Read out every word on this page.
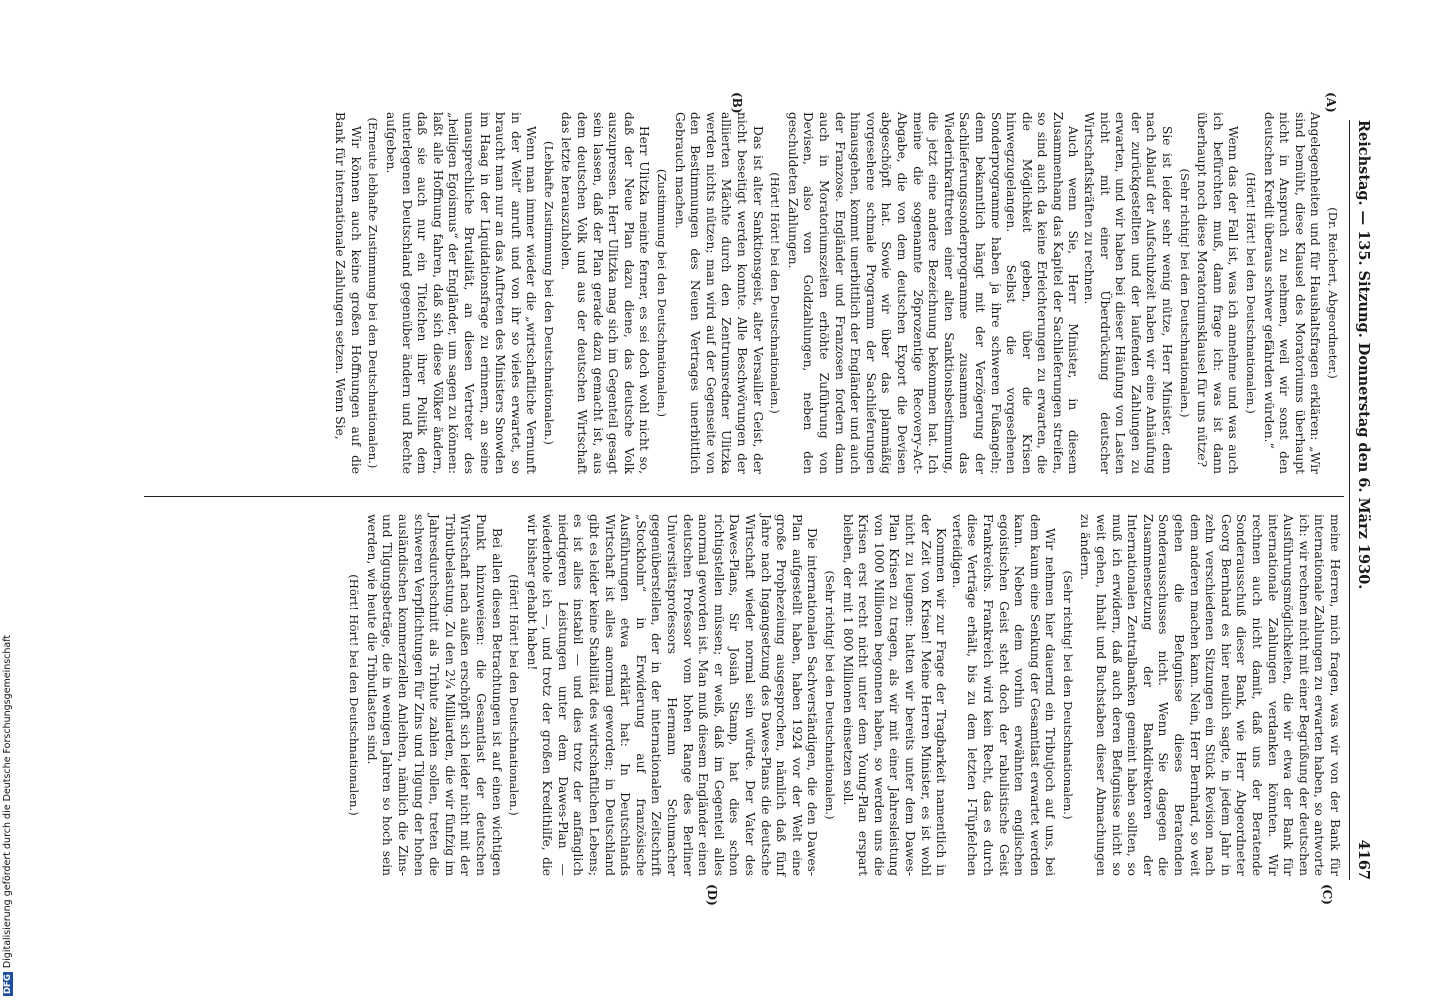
Reichstag. — 135. Sitzung. Donnerstag den 6. März 1930.
4167
(A)
(B)
(C)
(D)

(Dr. Reichert, Abgeordneter.)

Angelegenheiten und für Haushaltsfragen erklären: „Wir sind bemüht, diese Klausel des Moratoriums überhaupt nicht in Anspruch zu nehmen, weil wir sonst den deutschen Kredit überaus schwer gefährden würden.“

(Hört! Hört! bei den Deutschnationalen.)

Wenn das der Fall ist, was ich annehme und was auch ich befürchten muß, dann frage ich: was ist dann überhaupt noch diese Moratoriumsklausel für uns nütze?

(Sehr richtig! bei den Deutschnationalen.)

Sie ist leider sehr wenig nütze, Herr Minister, denn nach Ablauf der Aufschubzeit haben wir eine Anhäufung der zurückgestellten und der laufenden Zahlungen zu erwarten, und wir haben bei dieser Häufung von Lasten nicht mit einer Überdrückung deutscher Wirtschaftskräften zu rechnen.

Auch wenn Sie, Herr Minister, in diesem Zusammenhang das Kapitel der Sachlieferungen streifen, so sind auch da keine Erleichterungen zu erwarten, die die Möglichkeit geben, über die Krisen hinwegzugelangen. Selbst die vorgesehenen Sonderprogramme haben ja ihre schweren Fußangeln; denn bekanntlich hängt mit der Verzögerung der Sachlieferungssonderprogramme zusammen das Wiederinkrafttreten einer alten Sanktionsbestimmung, die jetzt eine andere Bezeichnung bekommen hat. Ich meine die sogenannte 26prozentige Recovery-Act-Abgabe, die von dem deutschen Export die Devisen abgeschöpft hat. Sowie wir über das planmäßig vorgesehene schmale Programm der Sachlieferungen hinausgehen, kommt unerbittlich der Engländer und auch der Franzose. Engländer und Franzosen fordern dann auch in Moratoriumszeiten erhöhte Zuführung von Devisen, also von Goldzahlungen, neben den geschuldeten Zahlungen.

(Hört! Hört! bei den Deutschnationalen.)

Das ist alter Sanktionsgeist, alter Versailler Geist, der nicht beseitigt werden konnte. Alle Beschwörungen der alliierten Mächte durch den Zentrumsredner Ulitzka werden nichts nützen; man wird auf der Gegenseite von den Bestimmungen des Neuen Vertrages unerbittlich Gebrauch machen.

(Zustimmung bei den Deutschnationalen.)

Herr Ulitzka meinte ferner, es sei doch wohl nicht so, daß der Neue Plan dazu diene, das deutsche Volk auszupressen. Herr Ulitzka mag sich im Gegenteil gesagt sein lassen, daß der Plan gerade dazu gemacht ist, aus dem deutschen Volk und aus der deutschen Wirtschaft das letzte herauszuholen.

(Lebhafte Zustimmung bei den Deutschnationalen.)

Wenn man immer wieder die „wirtschaftliche Vernunft in der Welt“ anruft und von ihr so vieles erwartet, so braucht man nur an das Auftreten des Ministers Snowden im Haag in der Liquidationsfrage zu erinnern, an seine unausprechliche Brutalität, an diesen Vertreter des „heiligen Egoismus“ der Engländer, um sagen zu können: laßt alle Hoffnung fahren, daß sich diese Völker ändern, daß sie auch nur ein Titelchen ihrer Politik dem unterlegenen Deutschland gegenüber ändern und Rechte aufgeben.

(Erneute lebhafte Zustimmung bei den Deutschnationalen.)

Wir können auch keine großen Hoffnungen auf die Bank für internationale Zahlungen setzen. Wenn Sie,

meine Herren, mich fragen, was wir von der Bank für internationale Zahlungen zu erwarten haben, so antworte ich: wir rechnen nicht mit einer Begrüßung der deutschen Ausführungsmöglichkeiten, die wir etwa der Bank für internationale Zahlungen verdanken könnten. Wir rechnen auch nicht damit, daß uns der Beratende Sonderausschuß dieser Bank, wie Herr Abgeordneter Georg Bernhard es hier neulich sagte, in jedem Jahr in zehn verschiedenen Sitzungen ein Stück Revision nach dem anderen machen kann. Nein, Herr Bernhard, so weit gehen die Befugnisse dieses Beratenden Sonderausschusses nicht. Wenn Sie dagegen die Zusammensetzung der Bankdirektoren der Internationalen Zentralbanken gemeint haben sollten, so muß ich erwidern, daß auch deren Befugnisse nicht so weit gehen, Inhalt und Buchstaben dieser Abmachungen zu ändern.

(Sehr richtig! bei den Deutschnationalen.)

Wir nehmen hier dauernd ein Tributjoch auf uns, bei dem kaum eine Senkung der Gesamtlast erwartet werden kann. Neben dem vorhin erwähnten englischen egoistischen Geist steht doch der rabulistische Geist Frankreichs. Frankreich wird kein Recht, das es durch diese Verträge erhält, bis zu dem letzten I-Tüpfelchen verteidigen.

Kommen wir zur Frage der Tragbarkeit namentlich in der Zeit von Krisen! Meine Herren Minister, es ist wohl nicht zu leugnen: hatten wir bereits unter dem Dawes-Plan Krisen zu tragen, als wir mit einer Jahresleistung von 1000 Millionen begonnen haben, so werden uns die Krisen erst recht nicht unter dem Young-Plan erspart bleiben, der mit 1 800 Millionen einsetzen soll.

(Sehr richtig! bei den Deutschnationalen.)

Die internationalen Sachverständigen, die den Dawes-Plan aufgestellt haben, haben 1924 vor der Welt eine große Prophezeiung ausgesprochen, nämlich daß fünf Jahre nach Ingangsetzung des Dawes-Plans die deutsche Wirtschaft wieder normal sein würde. Der Vater des Dawes-Plans, Sir Josiah Stamp, hat dies schon richtigstellen müssen; er weiß, daß im Gegenteil alles anormal geworden ist. Man muß diesem Engländer einen deutschen Professor vom hohen Range des Berliner Universitätsprofessors Hermann Schumacher gegenüberstellen, der in der internationalen Zeitschrift „Stockholm“ in Erwiderung auf französische Ausführungen etwa erklärt hat: In Deutschlands Wirtschaft ist alles anormal geworden; in Deutschland gibt es leider keine Stabilität des wirtschaftlichen Lebens; es ist alles instabil — und dies trotz der anfänglich niedrigeren Leistungen unter dem Dawes-Plan — wiederhole ich —, und trotz der großen Kredithilfe, die wir bisher gehabt haben!

(Hört! Hört! bei den Deutschnationalen.)

Bei allen diesen Betrachtungen ist auf einen wichtigen Punkt hinzuweisen: die Gesamtlast der deutschen Wirtschaft nach außen erschöpft sich leider nicht mit der Tributbelastung. Zu den 2¼ Milliarden, die wir fünfzig im Jahresdurchschnitt als Tribute zahlen sollen, treten die schweren Verpflichtungen für Zins und Tilgung der hohen ausländischen kommerziellen Anleihen, nämlich die Zins- und Tilgungsbeträge, die in wenigen Jahren so hoch sein werden, wie heute die Tributlasten sind.

(Hört! Hört! bei den Deutschnationalen.)

DFGDigitalisierung gefördert durch die Deutsche Forschungsgemeinschaft
